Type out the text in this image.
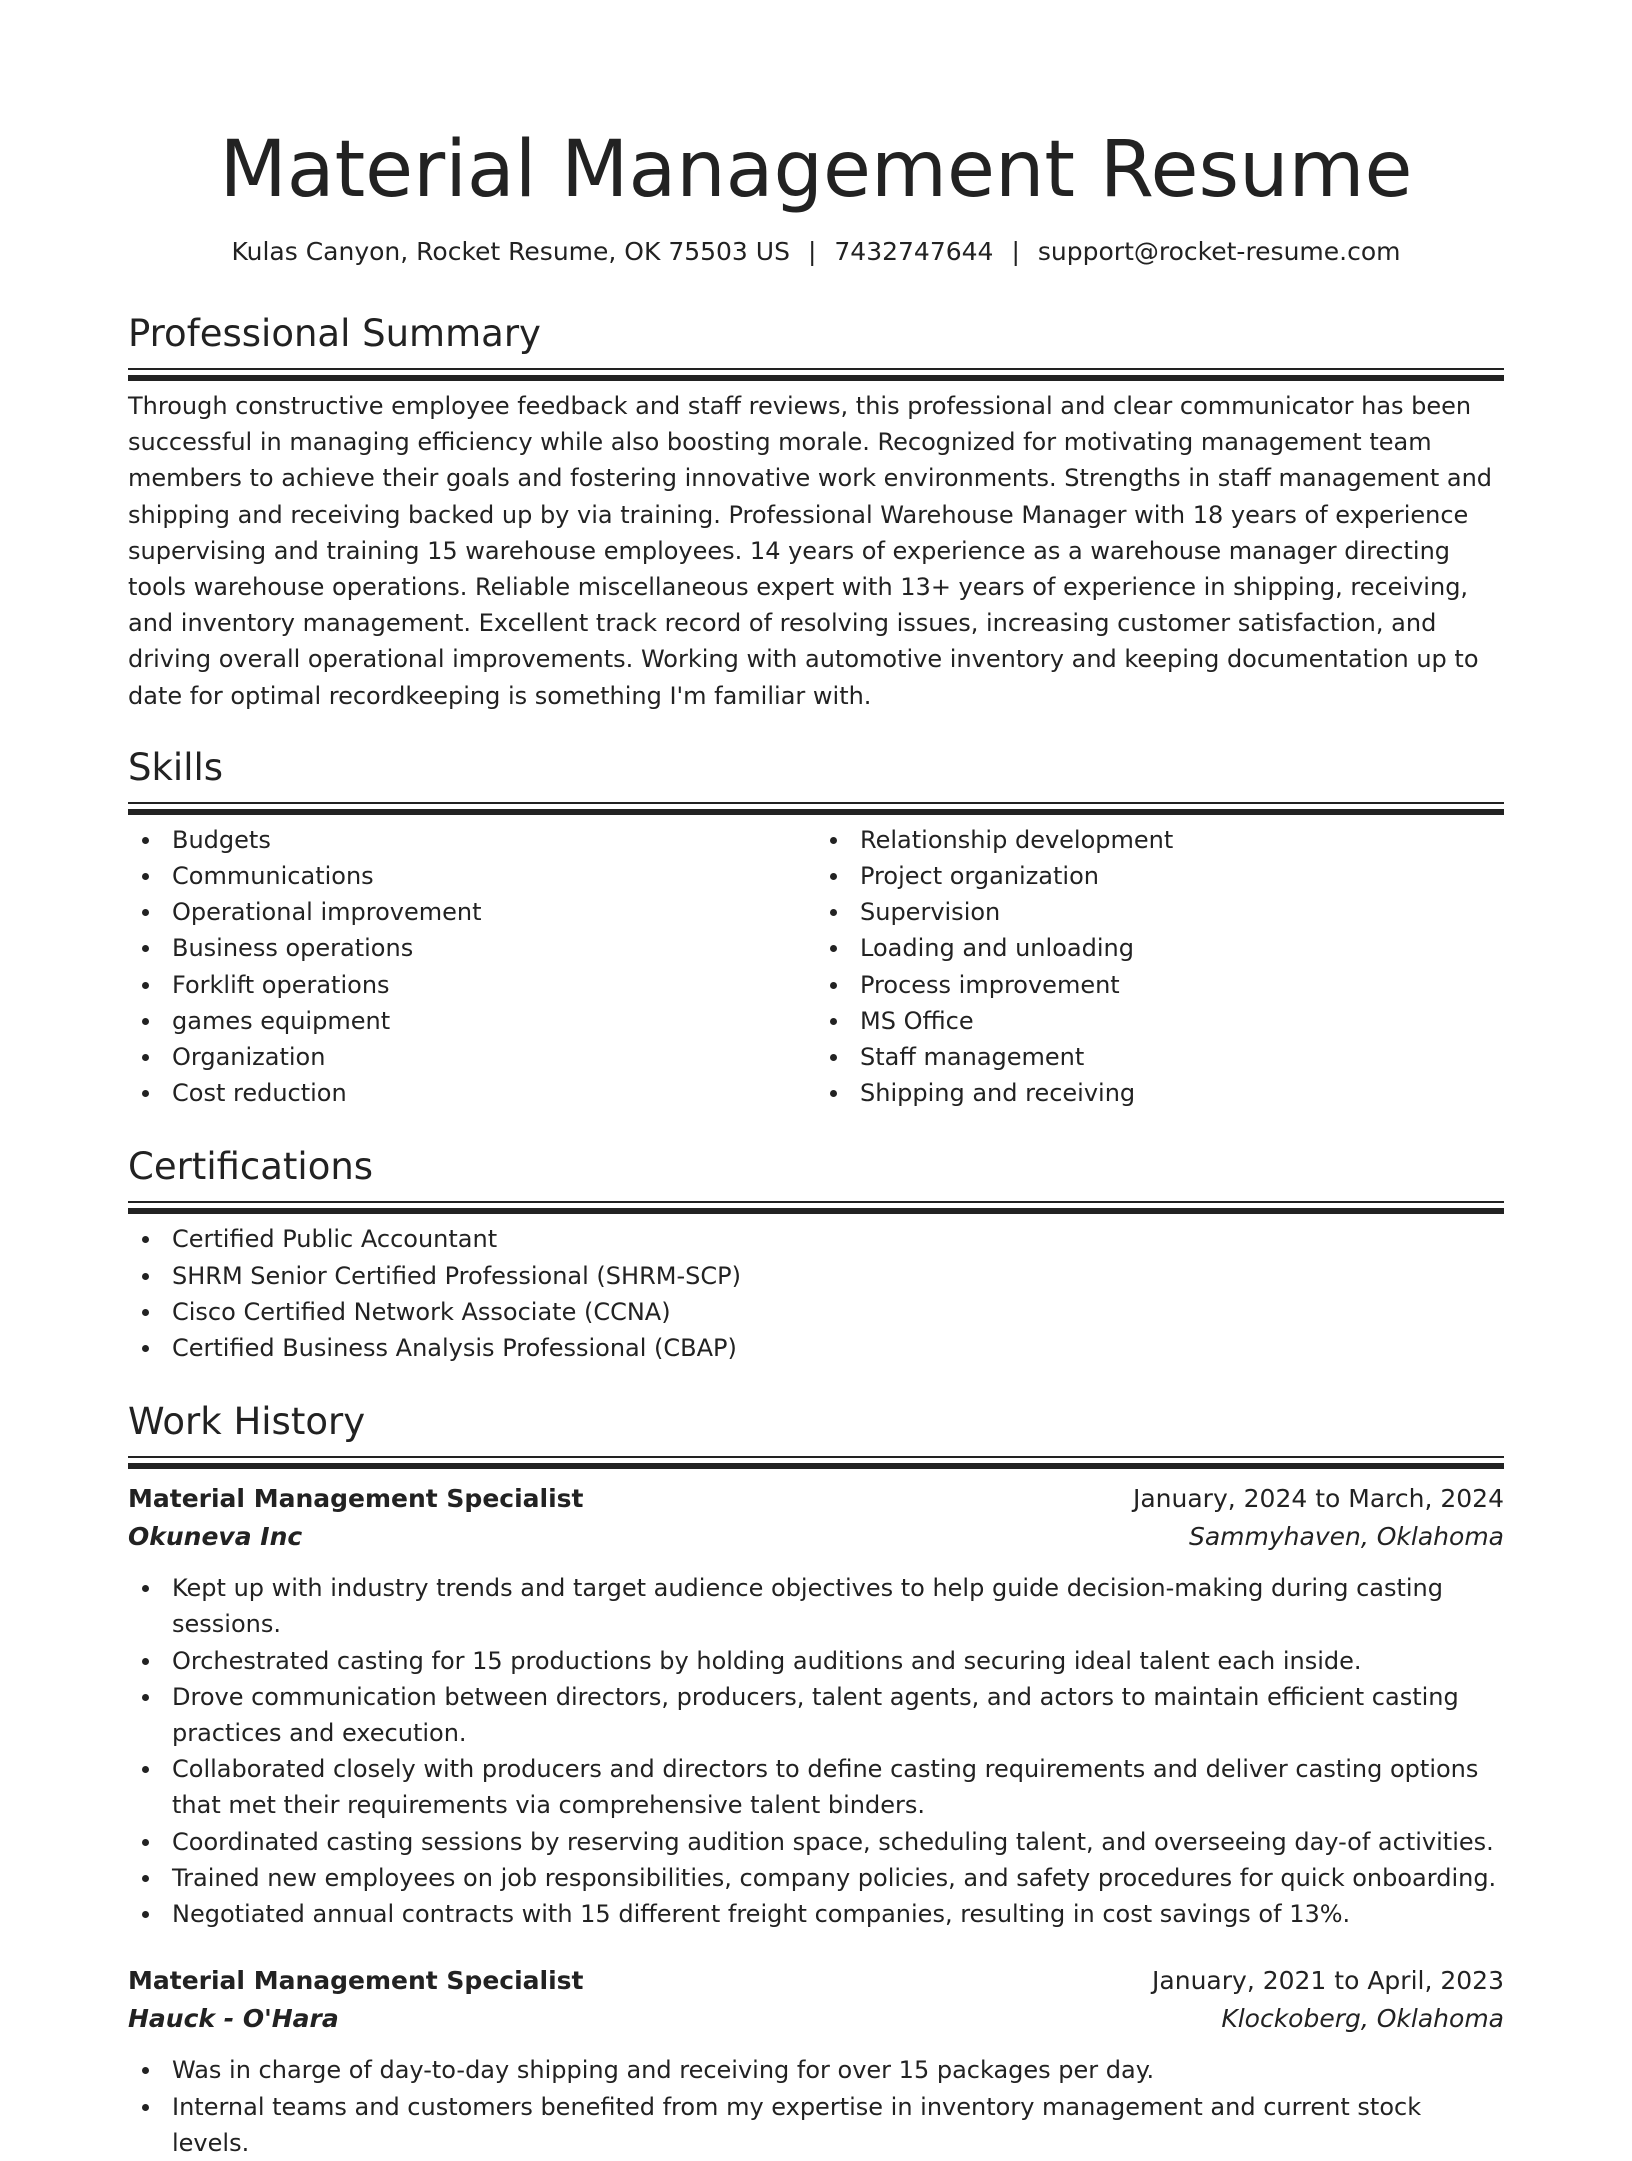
Material Management Resume
Kulas Canyon, Rocket Resume, OK 75503 US | 7432747644 | support@rocket-resume.com
Professional Summary

Through constructive employee feedback and staff reviews, this professional and clear communicator has been successful in managing efficiency while also boosting morale. Recognized for motivating management team members to achieve their goals and fostering innovative work environments. Strengths in staff management and shipping and receiving backed up by via training. Professional Warehouse Manager with 18 years of experience supervising and training 15 warehouse employees. 14 years of experience as a warehouse manager directing tools warehouse operations. Reliable miscellaneous expert with 13+ years of experience in shipping, receiving, and inventory management. Excellent track record of resolving issues, increasing customer satisfaction, and driving overall operational improvements. Working with automotive inventory and keeping documentation up to date for optimal recordkeeping is something I'm familiar with.

Skills
Budgets
Communications
Operational improvement
Business operations
Forklift operations
games equipment
Organization
Cost reduction
Relationship development
Project organization
Supervision
Loading and unloading
Process improvement
MS Office
Staff management
Shipping and receiving
Certifications
Certified Public Accountant
SHRM Senior Certified Professional (SHRM-SCP)
Cisco Certified Network Associate (CCNA)
Certified Business Analysis Professional (CBAP)
Work History
Material Management Specialist	January, 2024 to March, 2024
Okuneva Inc	Sammyhaven, Oklahoma
Kept up with industry trends and target audience objectives to help guide decision-making during casting sessions.
Orchestrated casting for 15 productions by holding auditions and securing ideal talent each inside.
Drove communication between directors, producers, talent agents, and actors to maintain efficient casting practices and execution.
Collaborated closely with producers and directors to define casting requirements and deliver casting options that met their requirements via comprehensive talent binders.
Coordinated casting sessions by reserving audition space, scheduling talent, and overseeing day-of activities.
Trained new employees on job responsibilities, company policies, and safety procedures for quick onboarding.
Negotiated annual contracts with 15 different freight companies, resulting in cost savings of 13%.
Material Management Specialist	January, 2021 to April, 2023
Hauck - O'Hara	Klockoberg, Oklahoma
Was in charge of day-to-day shipping and receiving for over 15 packages per day.
Internal teams and customers benefited from my expertise in inventory management and current stock levels.
